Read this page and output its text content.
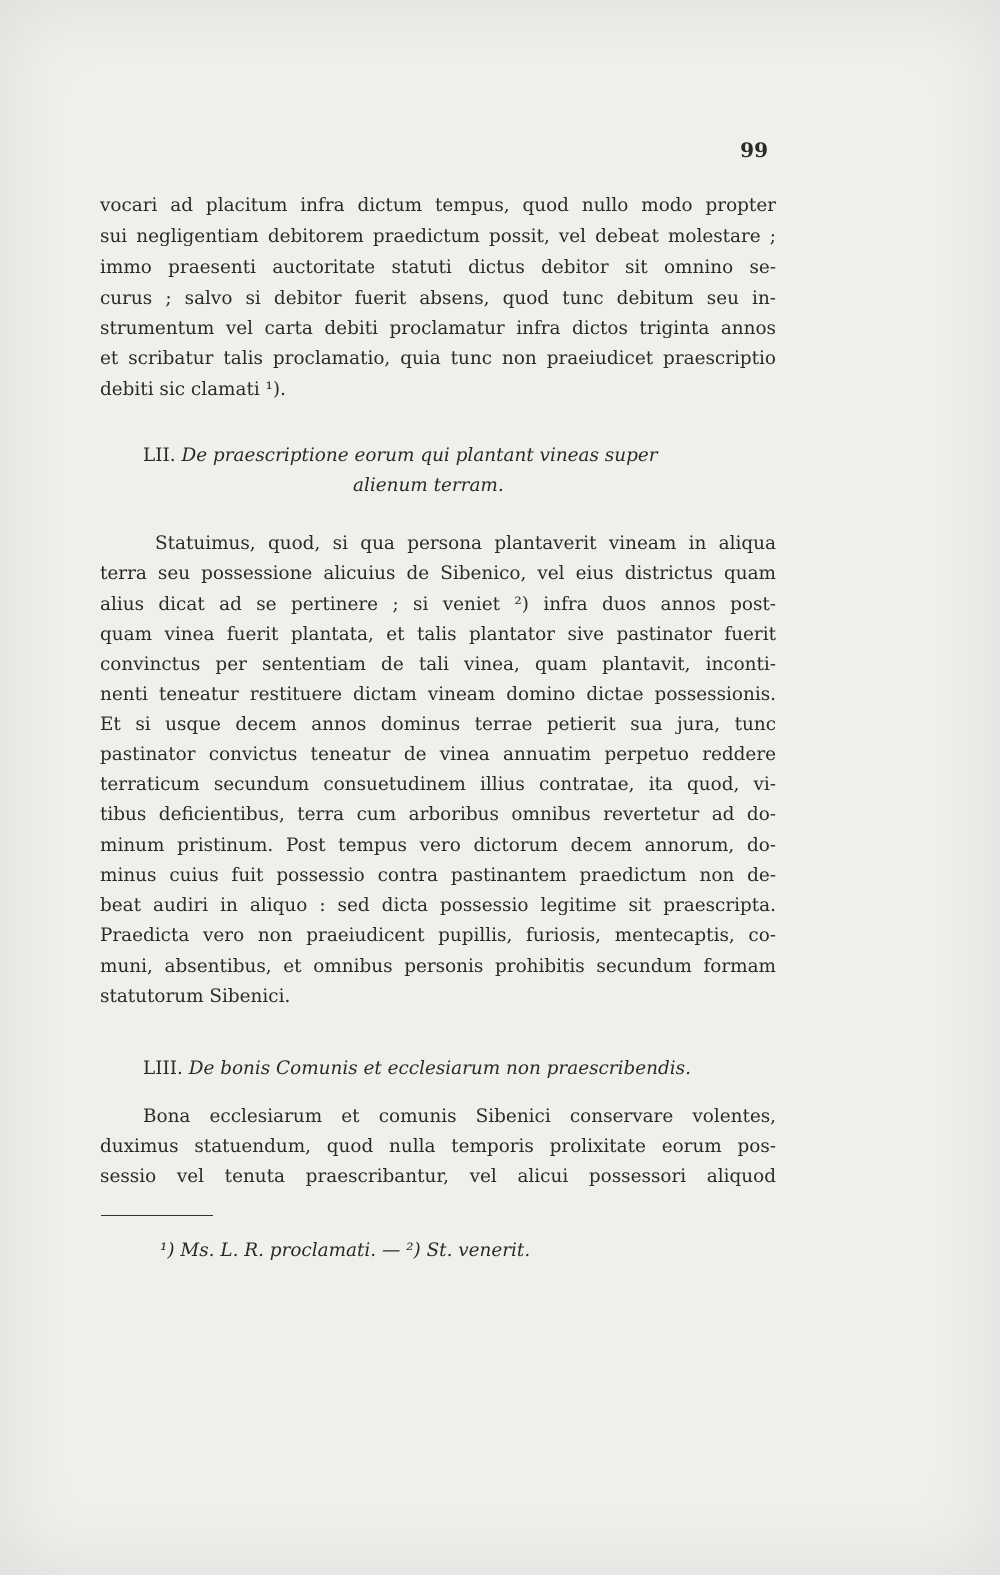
99
vocari ad placitum infra dictum tempus, quod nullo modo propter
sui negligentiam debitorem praedictum possit, vel debeat molestare ;
immo praesenti auctoritate statuti dictus debitor sit omnino se-
curus ; salvo si debitor fuerit absens, quod tunc debitum seu in-
strumentum vel carta debiti proclamatur infra dictos triginta annos
et scribatur talis proclamatio, quia tunc non praeiudicet praescriptio
debiti sic clamati ¹).
LII. De praescriptione eorum qui plantant vineas super
alienum terram.
Statuimus, quod, si qua persona plantaverit vineam in aliqua
terra seu possessione alicuius de Sibenico, vel eius districtus quam
alius dicat ad se pertinere ; si veniet ²) infra duos annos post-
quam vinea fuerit plantata, et talis plantator sive pastinator fuerit
convinctus per sententiam de tali vinea, quam plantavit, inconti-
nenti teneatur restituere dictam vineam domino dictae possessionis.
Et si usque decem annos dominus terrae petierit sua jura, tunc
pastinator convictus teneatur de vinea annuatim perpetuo reddere
terraticum secundum consuetudinem illius contratae, ita quod, vi-
tibus deficientibus, terra cum arboribus omnibus revertetur ad do-
minum pristinum. Post tempus vero dictorum decem annorum, do-
minus cuius fuit possessio contra pastinantem praedictum non de-
beat audiri in aliquo : sed dicta possessio legitime sit praescripta.
Praedicta vero non praeiudicent pupillis, furiosis, mentecaptis, co-
muni, absentibus, et omnibus personis prohibitis secundum formam
statutorum Sibenici.
LIII. De bonis Comunis et ecclesiarum non praescribendis.
Bona ecclesiarum et comunis Sibenici conservare volentes,
duximus statuendum, quod nulla temporis prolixitate eorum pos-
sessio vel tenuta praescribantur, vel alicui possessori aliquod
¹) Ms. L. R. proclamati. — ²) St. venerit.
